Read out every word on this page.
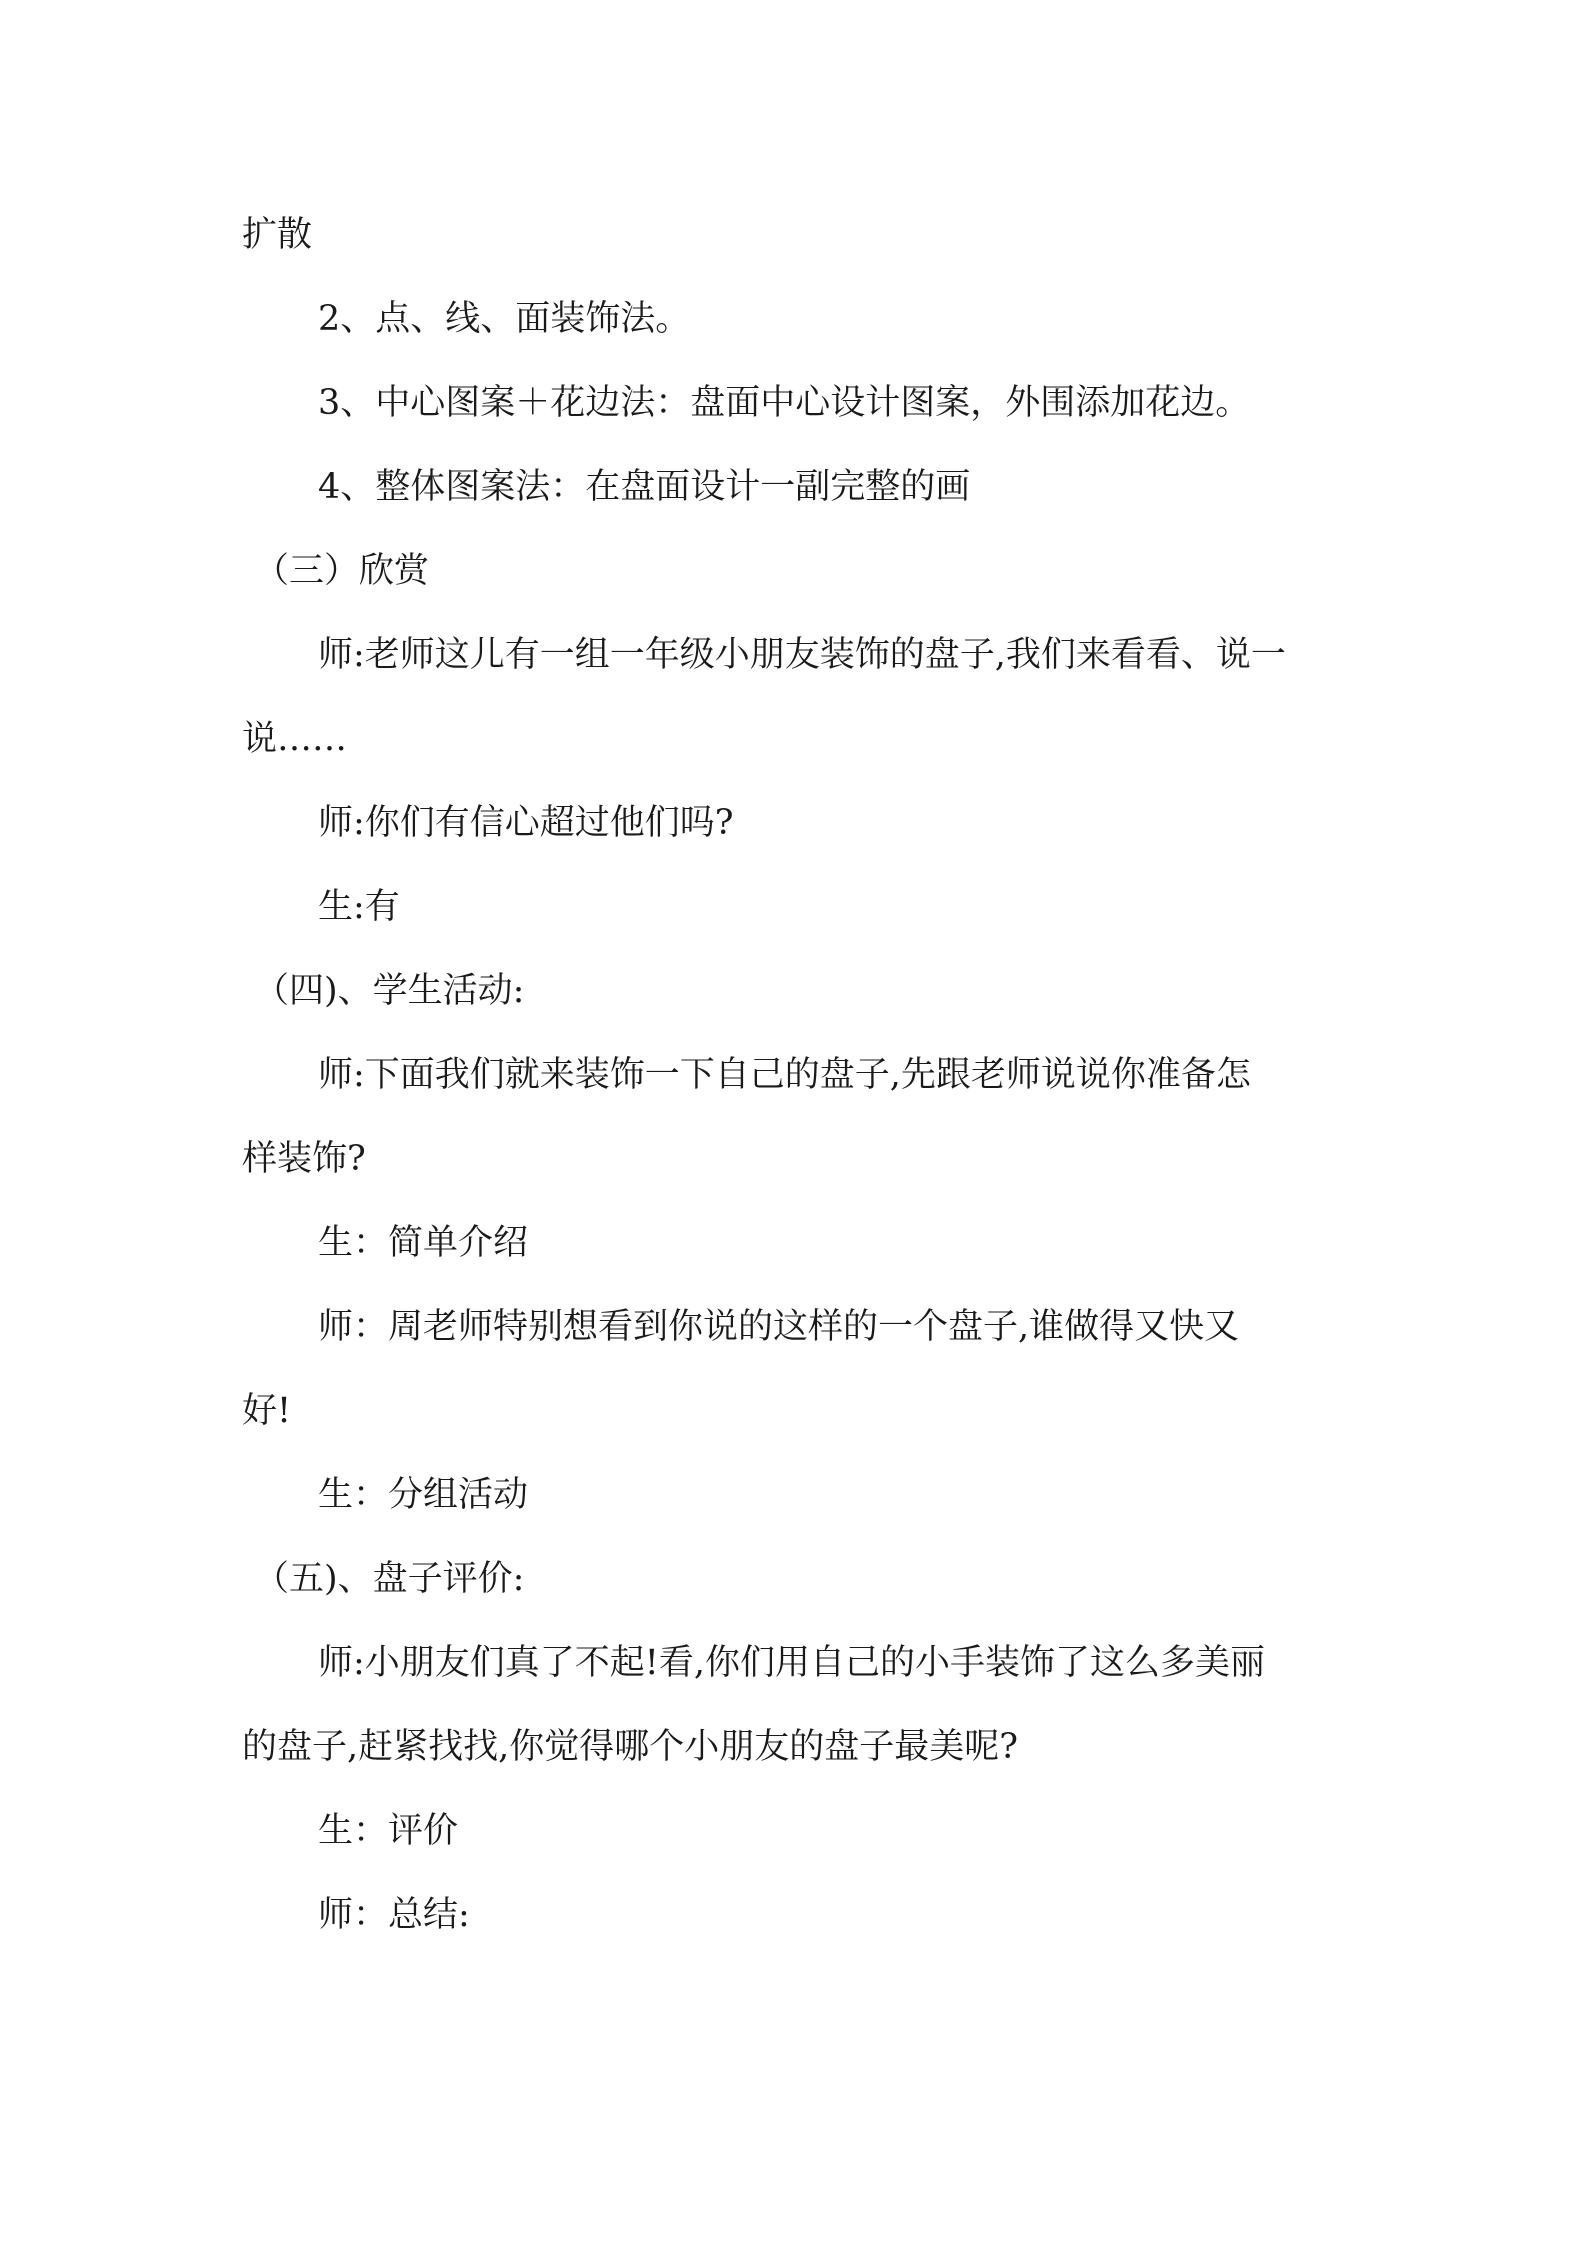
扩散
2、点、线、面装饰法。
3、中心图案＋花边法：盘面中心设计图案，外围添加花边。
4、整体图案法：在盘面设计一副完整的画
（三）欣赏
师:老师这儿有一组一年级小朋友装饰的盘子,我们来看看、说一
说……
师:你们有信心超过他们吗?
生:有
（四)、学生活动:
师:下面我们就来装饰一下自己的盘子,先跟老师说说你准备怎
样装饰?
生：简单介绍
师：周老师特别想看到你说的这样的一个盘子,谁做得又快又
好!
生：分组活动
（五)、盘子评价:
师:小朋友们真了不起!看,你们用自己的小手装饰了这么多美丽
的盘子,赶紧找找,你觉得哪个小朋友的盘子最美呢?
生：评价
师：总结:
